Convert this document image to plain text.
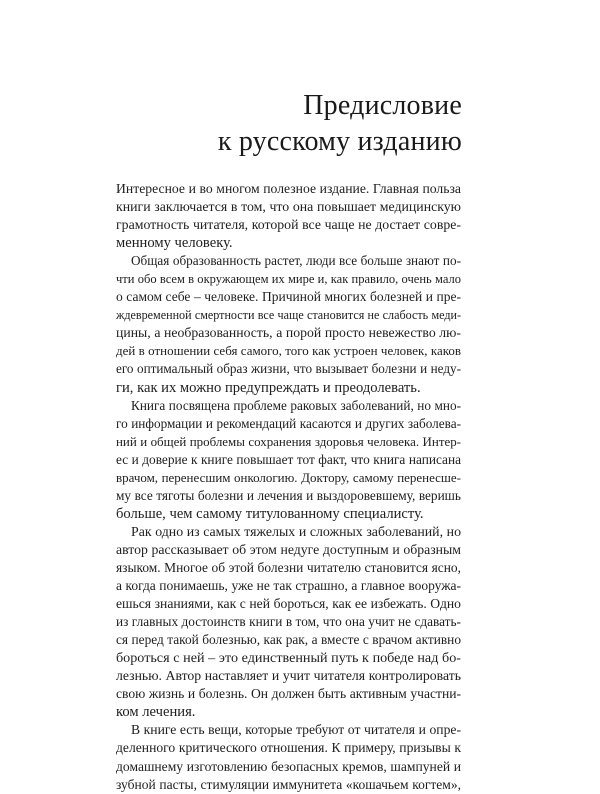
Предисловие
к русскому изданию
Интересное и во многом полезное издание. Главная польза
книги заключается в том, что она повышает медицинскую
грамотность читателя, которой все чаще не достает совре-
менному человеку.
Общая образованность растет, люди все больше знают по-
чти обо всем в окружающем их мире и, как правило, очень мало
о самом себе – человеке. Причиной многих болезней и пре-
ждевременной смертности все чаще становится не слабость меди-
цины, а необразованность, а порой просто невежество лю-
дей в отношении себя самого, того как устроен человек, каков
его оптимальный образ жизни, что вызывает болезни и неду-
ги, как их можно предупреждать и преодолевать.
Книга посвящена проблеме раковых заболеваний, но мно-
го информации и рекомендаций касаются и других заболева-
ний и общей проблемы сохранения здоровья человека. Интер-
ес и доверие к книге повышает тот факт, что книга написана
врачом, перенесшим онкологию. Доктору, самому перенесше-
му все тяготы болезни и лечения и выздоровевшему, веришь
больше, чем самому титулованному специалисту.
Рак одно из самых тяжелых и сложных заболеваний, но
автор рассказывает об этом недуге доступным и образным
языком. Многое об этой болезни читателю становится ясно,
а когда понимаешь, уже не так страшно, а главное вооружа-
ешься знаниями, как с ней бороться, как ее избежать. Одно
из главных достоинств книги в том, что она учит не сдавать-
ся перед такой болезнью, как рак, а вместе с врачом активно
бороться с ней – это единственный путь к победе над бо-
лезнью. Автор наставляет и учит читателя контролировать
свою жизнь и болезнь. Он должен быть активным участни-
ком лечения.
В книге есть вещи, которые требуют от читателя и опре-
деленного критического отношения. К примеру, призывы к
домашнему изготовлению безопасных кремов, шампуней и
зубной пасты, стимуляции иммунитета «кошачьем когтем»,
